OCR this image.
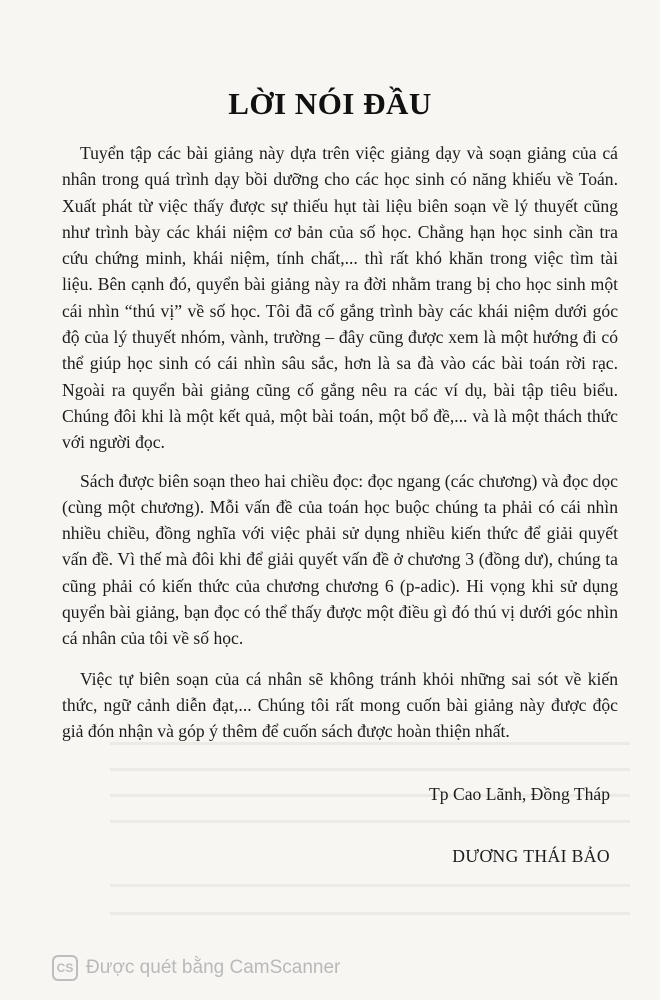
LỜI NÓI ĐẦU

Tuyển tập các bài giảng này dựa trên việc giảng dạy và soạn giảng của cá nhân trong quá trình dạy bồi dưỡng cho các học sinh có năng khiếu về Toán. Xuất phát từ việc thấy được sự thiếu hụt tài liệu biên soạn về lý thuyết cũng như trình bày các khái niệm cơ bản của số học. Chẳng hạn học sinh cần tra cứu chứng minh, khái niệm, tính chất,... thì rất khó khăn trong việc tìm tài liệu. Bên cạnh đó, quyển bài giảng này ra đời nhằm trang bị cho học sinh một cái nhìn “thú vị” về số học. Tôi đã cố gắng trình bày các khái niệm dưới góc độ của lý thuyết nhóm, vành, trường – đây cũng được xem là một hướng đi có thể giúp học sinh có cái nhìn sâu sắc, hơn là sa đà vào các bài toán rời rạc. Ngoài ra quyển bài giảng cũng cố gắng nêu ra các ví dụ, bài tập tiêu biểu. Chúng đôi khi là một kết quả, một bài toán, một bổ đề,... và là một thách thức với người đọc.

Sách được biên soạn theo hai chiều đọc: đọc ngang (các chương) và đọc dọc (cùng một chương). Mỗi vấn đề của toán học buộc chúng ta phải có cái nhìn nhiều chiều, đồng nghĩa với việc phải sử dụng nhiều kiến thức để giải quyết vấn đề. Vì thế mà đôi khi để giải quyết vấn đề ở chương 3 (đồng dư), chúng ta cũng phải có kiến thức của chương chương 6 (p-adic). Hi vọng khi sử dụng quyển bài giảng, bạn đọc có thể thấy được một điều gì đó thú vị dưới góc nhìn cá nhân của tôi về số học.

Việc tự biên soạn của cá nhân sẽ không tránh khỏi những sai sót về kiến thức, ngữ cảnh diễn đạt,... Chúng tôi rất mong cuốn bài giảng này được độc giả đón nhận và góp ý thêm để cuốn sách được hoàn thiện nhất.

Tp Cao Lãnh, Đồng Tháp
DƯƠNG THÁI BẢO
CS Được quét bằng CamScanner
